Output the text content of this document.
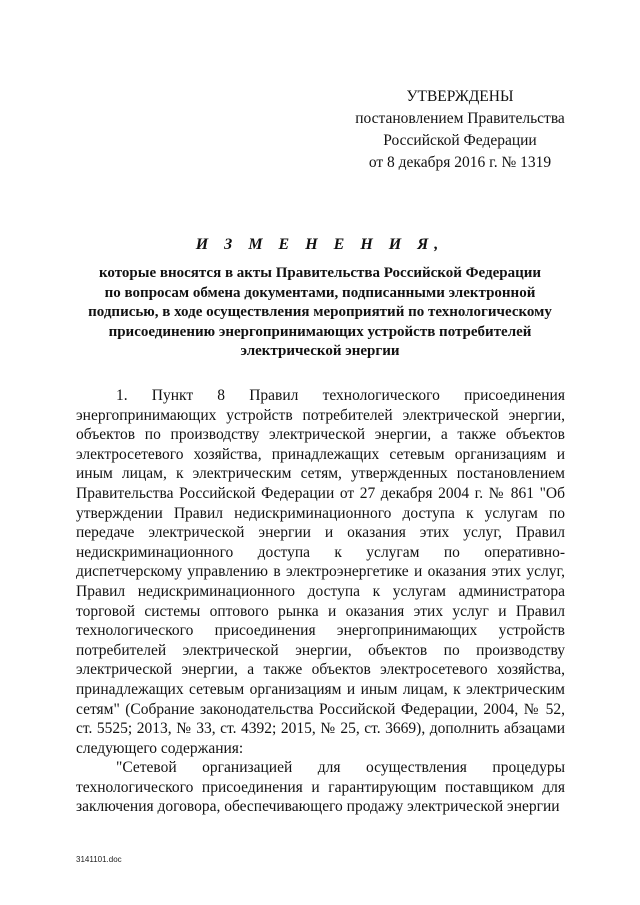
УТВЕРЖДЕНЫ
постановлением Правительства
Российской Федерации
от 8 декабря 2016 г. № 1319
И З М Е Н Е Н И Я,
которые вносятся в акты Правительства Российской Федерации
по вопросам обмена документами, подписанными электронной
подписью, в ходе осуществления мероприятий по технологическому
присоединению энергопринимающих устройств потребителей
электрической энергии

1. Пункт 8 Правил технологического присоединения энергопринимающих устройств потребителей электрической энергии, объектов по производству электрической энергии, а также объектов электросетевого хозяйства, принадлежащих сетевым организациям и иным лицам, к электрическим сетям, утвержденных постановлением Правительства Российской Федерации от 27 декабря 2004 г. № 861 "Об утверждении Правил недискриминационного доступа к услугам по передаче электрической энергии и оказания этих услуг, Правил недискриминационного доступа к услугам по оперативно-диспетчерскому управлению в электроэнергетике и оказания этих услуг, Правил недискриминационного доступа к услугам администратора торговой системы оптового рынка и оказания этих услуг и Правил технологического присоединения энергопринимающих устройств потребителей электрической энергии, объектов по производству электрической энергии, а также объектов электросетевого хозяйства, принадлежащих сетевым организациям и иным лицам, к электрическим сетям" (Собрание законодательства Российской Федерации, 2004, № 52, ст. 5525; 2013, № 33, ст. 4392; 2015, № 25, ст. 3669), дополнить абзацами следующего содержания:

"Сетевой организацией для осуществления процедуры технологического присоединения и гарантирующим поставщиком для заключения договора, обеспечивающего продажу электрической энергии

3141101.doc
